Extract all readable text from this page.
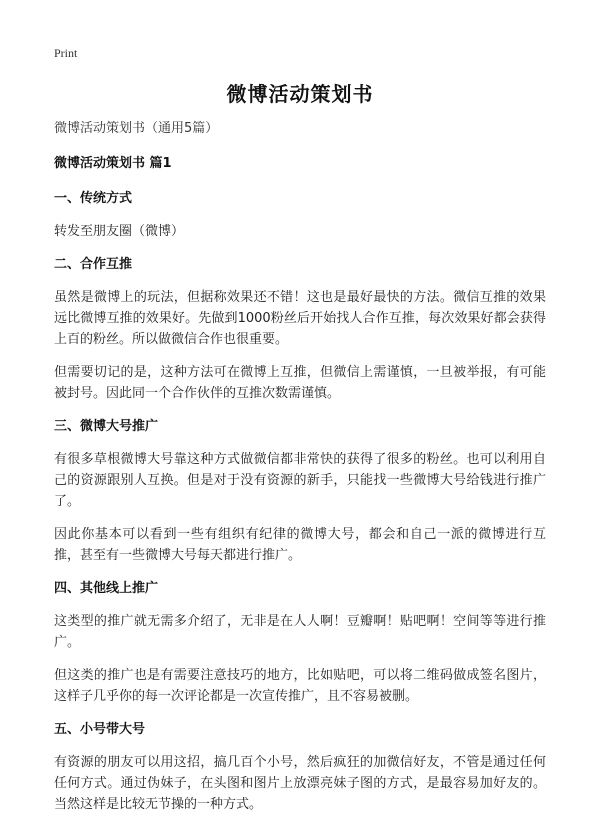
Print
微博活动策划书

微博活动策划书（通用5篇）

微博活动策划书 篇1

一、传统方式

转发至朋友圈（微博）

二、合作互推

虽然是微博上的玩法，但据称效果还不错！这也是最好最快的方法。微信互推的效果远比微博互推的效果好。先做到1000粉丝后开始找人合作互推，每次效果好都会获得上百的粉丝。所以做微信合作也很重要。

但需要切记的是，这种方法可在微博上互推，但微信上需谨慎，一旦被举报，有可能被封号。因此同一个合作伙伴的互推次数需谨慎。

三、微博大号推广

有很多草根微博大号靠这种方式做微信都非常快的获得了很多的粉丝。也可以利用自己的资源跟别人互换。但是对于没有资源的新手，只能找一些微博大号给钱进行推广了。

因此你基本可以看到一些有组织有纪律的微博大号，都会和自己一派的微博进行互推，甚至有一些微博大号每天都进行推广。

四、其他线上推广

这类型的推广就无需多介绍了，无非是在人人啊！豆瓣啊！贴吧啊！空间等等进行推广。

但这类的推广也是有需要注意技巧的地方，比如贴吧，可以将二维码做成签名图片，这样子几乎你的每一次评论都是一次宣传推广，且不容易被删。

五、小号带大号

有资源的朋友可以用这招，搞几百个小号，然后疯狂的加微信好友，不管是通过任何任何方式。通过伪妹子，在头图和图片上放漂亮妹子图的方式，是最容易加好友的。当然这样是比较无节操的一种方式。
